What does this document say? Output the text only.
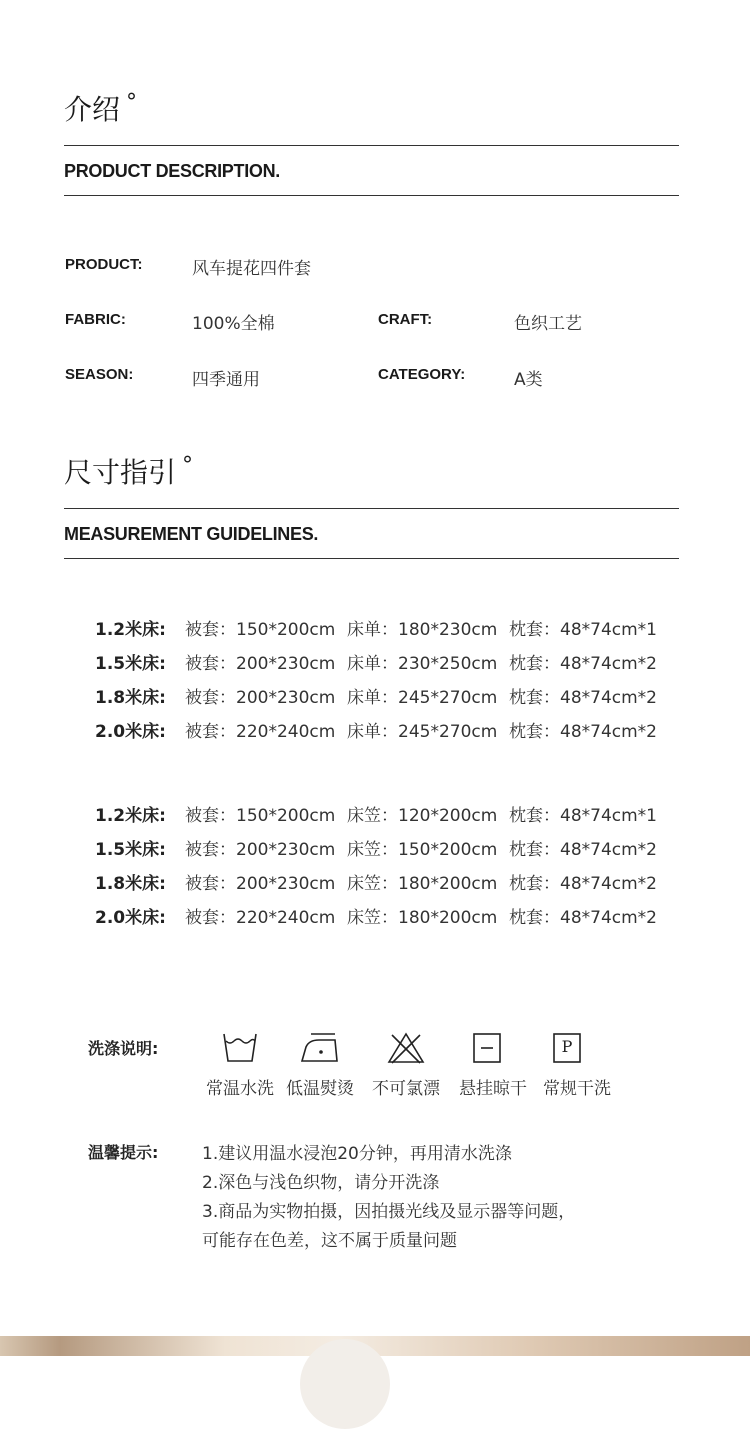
介绍 °
PRODUCT DESCRIPTION.
PRODUCT:	风车提花四件套
FABRIC:	100%全棉	CRAFT:	色织工艺
SEASON:	四季通用	CATEGORY:	A类
尺寸指引 °
MEASUREMENT GUIDELINES.
1.2米床: 被套：150*200cm 床单：180*230cm 枕套：48*74cm*1
1.5米床: 被套：200*230cm 床单：230*250cm 枕套：48*74cm*2
1.8米床: 被套：200*230cm 床单：245*270cm 枕套：48*74cm*2
2.0米床: 被套：220*240cm 床单：245*270cm 枕套：48*74cm*2
1.2米床: 被套：150*200cm 床笠：120*200cm 枕套：48*74cm*1
1.5米床: 被套：200*230cm 床笠：150*200cm 枕套：48*74cm*2
1.8米床: 被套：200*230cm 床笠：180*200cm 枕套：48*74cm*2
2.0米床: 被套：220*240cm 床笠：180*200cm 枕套：48*74cm*2
洗涤说明:	P
常温水洗 低温熨烫	不可氯漂	悬挂晾干 常规干洗
温馨提示:	1.建议用温水浸泡20分钟，再用清水洗涤
2.深色与浅色织物，请分开洗涤
3.商品为实物拍摄，因拍摄光线及显示器等问题，
可能存在色差，这不属于质量问题
